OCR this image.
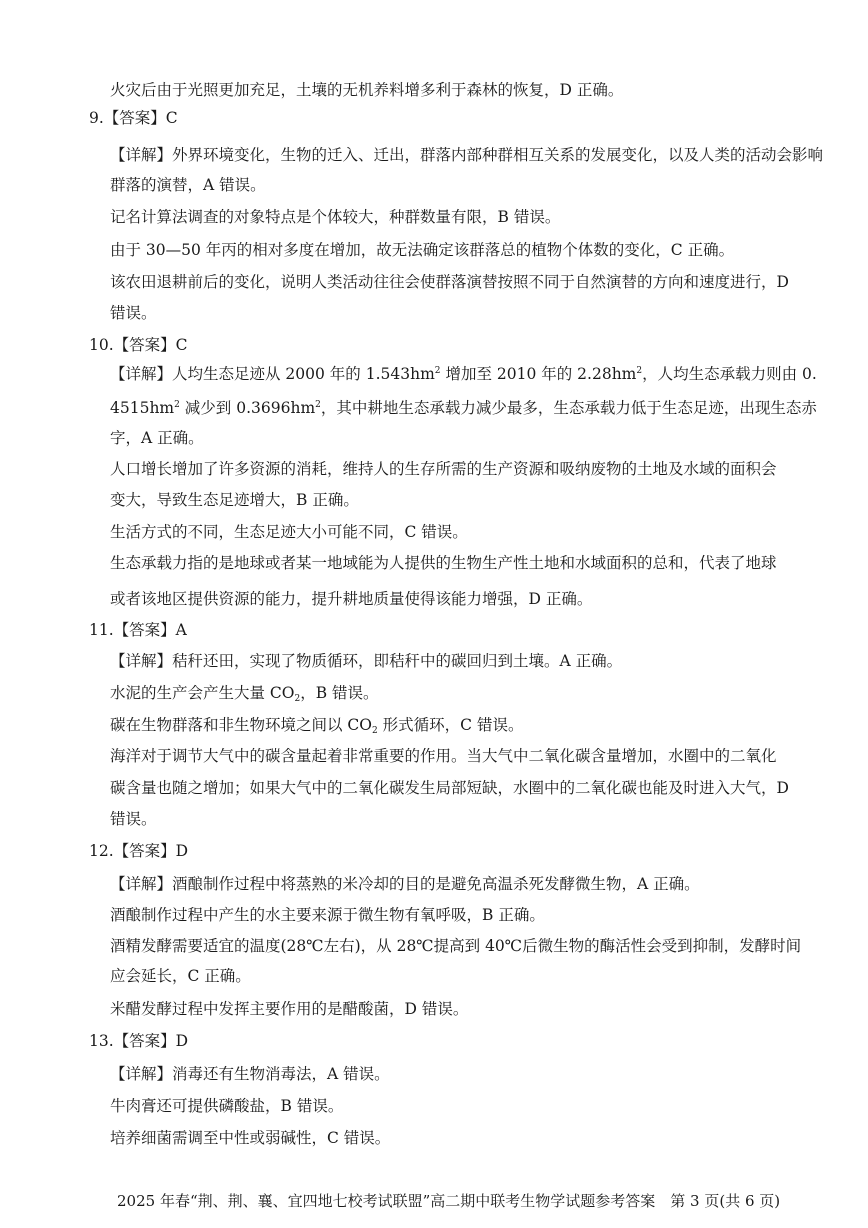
火灾后由于光照更加充足，土壤的无机养料增多利于森林的恢复，D 正确。
9.【答案】C
【详解】外界环境变化，生物的迁入、迁出，群落内部种群相互关系的发展变化，以及人类的活动会影响
群落的演替，A 错误。
记名计算法调查的对象特点是个体较大，种群数量有限，B 错误。
由于 30—50 年丙的相对多度在增加，故无法确定该群落总的植物个体数的变化，C 正确。
该农田退耕前后的变化，说明人类活动往往会使群落演替按照不同于自然演替的方向和速度进行，D
错误。
10.【答案】C
【详解】人均生态足迹从 2000 年的 $1.543hm^2$ 增加至 2010 年的 $2.28hm^2$，人均生态承载力则由 0.
$4515hm^2$ 减少到 $0.3696hm^2$，其中耕地生态承载力减少最多，生态承载力低于生态足迹，出现生态赤
字，A 正确。
人口增长增加了许多资源的消耗，维持人的生存所需的生产资源和吸纳废物的土地及水域的面积会
变大，导致生态足迹增大，B 正确。
生活方式的不同，生态足迹大小可能不同，C 错误。
生态承载力指的是地球或者某一地域能为人提供的生物生产性土地和水域面积的总和，代表了地球
或者该地区提供资源的能力，提升耕地质量使得该能力增强，D 正确。
11.【答案】A
【详解】秸秆还田，实现了物质循环，即秸秆中的碳回归到土壤。A 正确。
水泥的生产会产生大量 $CO_2$，B 错误。
碳在生物群落和非生物环境之间以 $CO_2$ 形式循环，C 错误。
海洋对于调节大气中的碳含量起着非常重要的作用。当大气中二氧化碳含量增加，水圈中的二氧化
碳含量也随之增加；如果大气中的二氧化碳发生局部短缺，水圈中的二氧化碳也能及时进入大气，D
错误。
12.【答案】D
【详解】酒酿制作过程中将蒸熟的米冷却的目的是避免高温杀死发酵微生物，A 正确。
酒酿制作过程中产生的水主要来源于微生物有氧呼吸，B 正确。
酒精发酵需要适宜的温度(28℃左右)，从 28℃提高到 40℃后微生物的酶活性会受到抑制，发酵时间
应会延长，C 正确。
米醋发酵过程中发挥主要作用的是醋酸菌，D 错误。
13.【答案】D
【详解】消毒还有生物消毒法，A 错误。
牛肉膏还可提供磷酸盐，B 错误。
培养细菌需调至中性或弱碱性，C 错误。
2025 年春“荆、荆、襄、宜四地七校考试联盟”高二期中联考生物学试题参考答案　第 3 页(共 6 页)
